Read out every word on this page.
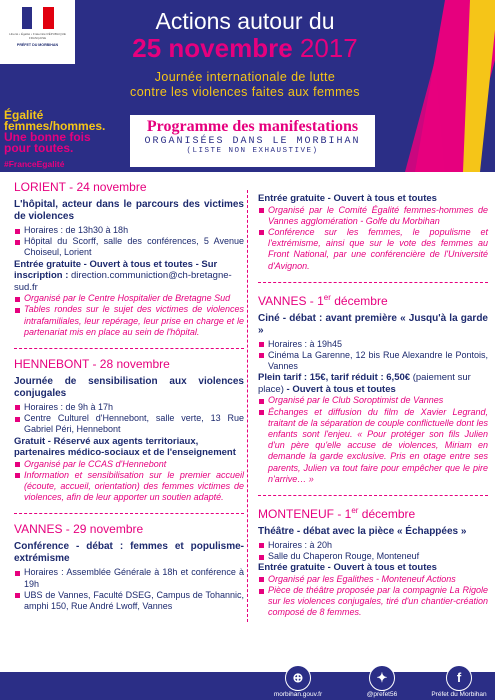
Liberté • Égalité • Fraternité RÉPUBLIQUE FRANÇAISE
PRÉFET DU MORBIHAN
Actions autour du
25 novembre 2017
Journée internationale de lutte
contre les violences faites aux femmes
Égalité
femmes/hommes.
Une bonne fois
pour toutes.
#FranceEgalité
Programme des manifestations
ORGANISÉES DANS LE MORBIHAN
(LISTE NON EXHAUSTIVE)
LORIENT - 24 novembre
L'hôpital, acteur dans le parcours des victimes de violences
Horaires : de 13h30 à 18h
Hôpital du Scorff, salle des conférences, 5 Avenue Choiseul, Lorient
Entrée gratuite - Ouvert à tous et toutes - Sur inscription : direction.communiction@ch-bretagne-sud.fr
Organisé par le Centre Hospitalier de Bretagne Sud
Tables rondes sur le sujet des victimes de violences intrafamiliales, leur repérage, leur prise en charge et le partenariat mis en place au sein de l'hôpital.
HENNEBONT - 28 novembre
Journée de sensibilisation aux violences conjugales
Horaires : de 9h à 17h
Centre Culturel d'Hennebont, salle verte, 13 Rue Gabriel Péri, Hennebont
Gratuit - Réservé aux agents territoriaux, partenaires médico-sociaux et de l'enseignement
Organisé par le CCAS d'Hennebont
Information et sensibilisation sur le premier accueil (écoute, accueil, orientation) des femmes victimes de violences, afin de leur apporter un soutien adapté.
VANNES - 29 novembre
Conférence - débat : femmes et populisme-extrémisme
Horaires : Assemblée Générale à 18h et conférence à 19h
UBS de Vannes, Faculté DSEG, Campus de Tohannic, amphi 150, Rue André Lwoff, Vannes
Entrée gratuite - Ouvert à tous et toutes
Organisé par le Comité Égalité femmes-hommes de Vannes agglomération - Golfe du Morbihan
Conférence sur les femmes, le populisme et l'extrémisme, ainsi que sur le vote des femmes au Front National, par une conférencière de l'Université d'Avignon.
VANNES - 1er décembre
Ciné - débat : avant première « Jusqu'à la garde »
Horaires : à 19h45
Cinéma La Garenne, 12 bis Rue Alexandre le Pontois, Vannes
Plein tarif : 15€, tarif réduit : 6,50€ (paiement sur place) - Ouvert à tous et toutes
Organisé par le Club Soroptimist de Vannes
Échanges et diffusion du film de Xavier Legrand, traitant de la séparation de couple conflictuelle dont les enfants sont l'enjeu. « Pour protéger son fils Julien d'un père qu'elle accuse de violences, Miriam en demande la garde exclusive. Pris en otage entre ses parents, Julien va tout faire pour empêcher que le pire n'arrive… »
MONTENEUF - 1er décembre
Théâtre - débat avec la pièce « Échappées »
Horaires : à 20h
Salle du Chaperon Rouge, Monteneuf
Entrée gratuite - Ouvert à tous et toutes
Organisé par les Egalithes - Monteneuf Actions
Pièce de théâtre proposée par la compagnie La Rigole sur les violences conjugales, tiré d'un chantier-création composé de 8 femmes.
⊕
morbihan.gouv.fr
✦
@prefet56
f
Préfet du Morbihan
